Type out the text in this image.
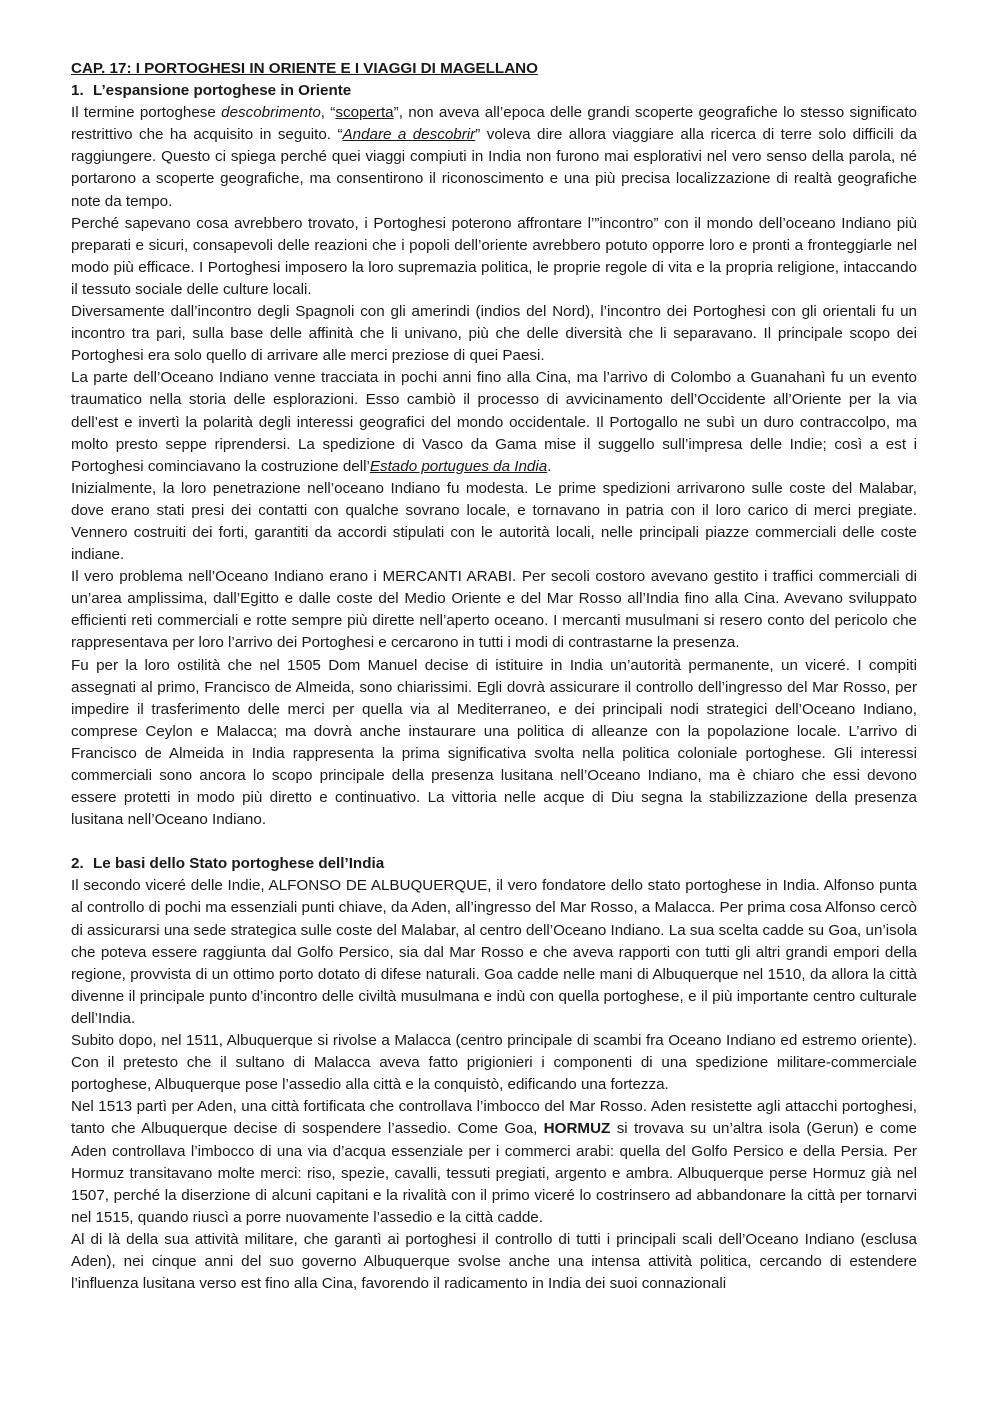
CAP. 17: I PORTOGHESI IN ORIENTE E I VIAGGI DI MAGELLANO
1. L’espansione portoghese in Oriente

Il termine portoghese descobrimento, “scoperta”, non aveva all’epoca delle grandi scoperte geografiche lo stesso significato restrittivo che ha acquisito in seguito. “Andare a descobrir” voleva dire allora viaggiare alla ricerca di terre solo difficili da raggiungere. Questo ci spiega perché quei viaggi compiuti in India non furono mai esplorativi nel vero senso della parola, né portarono a scoperte geografiche, ma consentirono il riconoscimento e una più precisa localizzazione di realtà geografiche note da tempo.

Perché sapevano cosa avrebbero trovato, i Portoghesi poterono affrontare l’”incontro” con il mondo dell’oceano Indiano più preparati e sicuri, consapevoli delle reazioni che i popoli dell’oriente avrebbero potuto opporre loro e pronti a fronteggiarle nel modo più efficace. I Portoghesi imposero la loro supremazia politica, le proprie regole di vita e la propria religione, intaccando il tessuto sociale delle culture locali.

Diversamente dall’incontro degli Spagnoli con gli amerindi (indios del Nord), l’incontro dei Portoghesi con gli orientali fu un incontro tra pari, sulla base delle affinità che li univano, più che delle diversità che li separavano. Il principale scopo dei Portoghesi era solo quello di arrivare alle merci preziose di quei Paesi.

La parte dell’Oceano Indiano venne tracciata in pochi anni fino alla Cina, ma l’arrivo di Colombo a Guanahanì fu un evento traumatico nella storia delle esplorazioni. Esso cambiò il processo di avvicinamento dell’Occidente all’Oriente per la via dell’est e invertì la polarità degli interessi geografici del mondo occidentale. Il Portogallo ne subì un duro contraccolpo, ma molto presto seppe riprendersi. La spedizione di Vasco da Gama mise il suggello sull’impresa delle Indie; così a est i Portoghesi cominciavano la costruzione dell’Estado portugues da India.

Inizialmente, la loro penetrazione nell’oceano Indiano fu modesta. Le prime spedizioni arrivarono sulle coste del Malabar, dove erano stati presi dei contatti con qualche sovrano locale, e tornavano in patria con il loro carico di merci pregiate. Vennero costruiti dei forti, garantiti da accordi stipulati con le autorità locali, nelle principali piazze commerciali delle coste indiane.

Il vero problema nell’Oceano Indiano erano i MERCANTI ARABI. Per secoli costoro avevano gestito i traffici commerciali di un’area amplissima, dall’Egitto e dalle coste del Medio Oriente e del Mar Rosso all’India fino alla Cina. Avevano sviluppato efficienti reti commerciali e rotte sempre più dirette nell’aperto oceano. I mercanti musulmani si resero conto del pericolo che rappresentava per loro l’arrivo dei Portoghesi e cercarono in tutti i modi di contrastarne la presenza.

Fu per la loro ostilità che nel 1505 Dom Manuel decise di istituire in India un’autorità permanente, un viceré. I compiti assegnati al primo, Francisco de Almeida, sono chiarissimi. Egli dovrà assicurare il controllo dell’ingresso del Mar Rosso, per impedire il trasferimento delle merci per quella via al Mediterraneo, e dei principali nodi strategici dell’Oceano Indiano, comprese Ceylon e Malacca; ma dovrà anche instaurare una politica di alleanze con la popolazione locale. L’arrivo di Francisco de Almeida in India rappresenta la prima significativa svolta nella politica coloniale portoghese. Gli interessi commerciali sono ancora lo scopo principale della presenza lusitana nell’Oceano Indiano, ma è chiaro che essi devono essere protetti in modo più diretto e continuativo. La vittoria nelle acque di Diu segna la stabilizzazione della presenza lusitana nell’Oceano Indiano.

2. Le basi dello Stato portoghese dell’India

Il secondo viceré delle Indie, ALFONSO DE ALBUQUERQUE, il vero fondatore dello stato portoghese in India. Alfonso punta al controllo di pochi ma essenziali punti chiave, da Aden, all’ingresso del Mar Rosso, a Malacca. Per prima cosa Alfonso cercò di assicurarsi una sede strategica sulle coste del Malabar, al centro dell’Oceano Indiano. La sua scelta cadde su Goa, un’isola che poteva essere raggiunta dal Golfo Persico, sia dal Mar Rosso e che aveva rapporti con tutti gli altri grandi empori della regione, provvista di un ottimo porto dotato di difese naturali. Goa cadde nelle mani di Albuquerque nel 1510, da allora la città divenne il principale punto d’incontro delle civiltà musulmana e indù con quella portoghese, e il più importante centro culturale dell’India.

Subito dopo, nel 1511, Albuquerque si rivolse a Malacca (centro principale di scambi fra Oceano Indiano ed estremo oriente). Con il pretesto che il sultano di Malacca aveva fatto prigionieri i componenti di una spedizione militare-commerciale portoghese, Albuquerque pose l’assedio alla città e la conquistò, edificando una fortezza.

Nel 1513 partì per Aden, una città fortificata che controllava l’imbocco del Mar Rosso. Aden resistette agli attacchi portoghesi, tanto che Albuquerque decise di sospendere l’assedio. Come Goa, HORMUZ si trovava su un’altra isola (Gerun) e come Aden controllava l’imbocco di una via d’acqua essenziale per i commerci arabi: quella del Golfo Persico e della Persia. Per Hormuz transitavano molte merci: riso, spezie, cavalli, tessuti pregiati, argento e ambra. Albuquerque perse Hormuz già nel 1507, perché la diserzione di alcuni capitani e la rivalità con il primo viceré lo costrinsero ad abbandonare la città per tornarvi nel 1515, quando riuscì a porre nuovamente l’assedio e la città cadde.

Al di là della sua attività militare, che garantì ai portoghesi il controllo di tutti i principali scali dell’Oceano Indiano (esclusa Aden), nei cinque anni del suo governo Albuquerque svolse anche una intensa attività politica, cercando di estendere l’influenza lusitana verso est fino alla Cina, favorendo il radicamento in India dei suoi connazionali
